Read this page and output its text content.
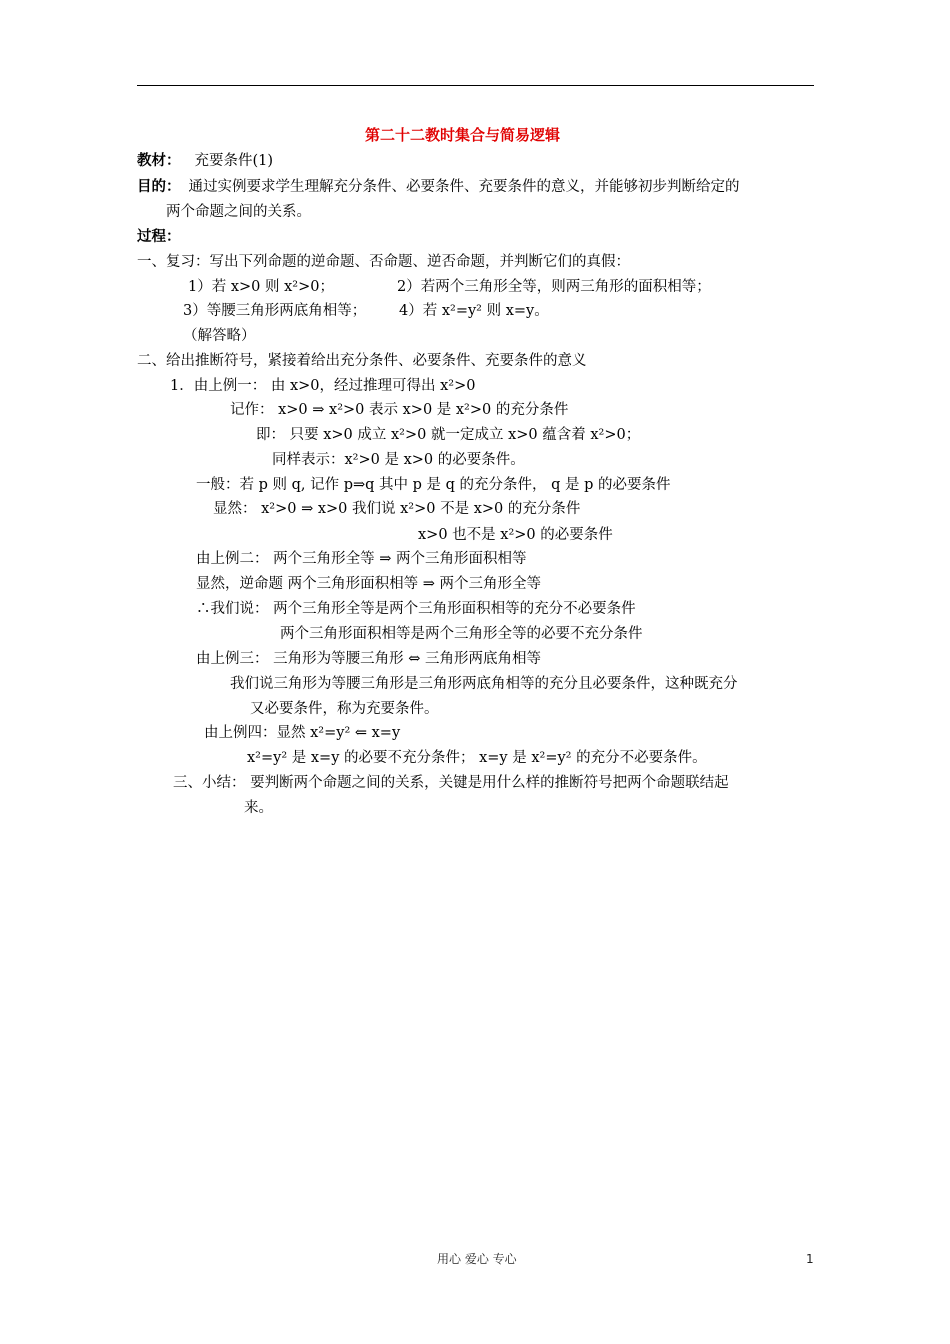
第二十二教时集合与简易逻辑
教材： 充要条件(1)
目的： 通过实例要求学生理解充分条件、必要条件、充要条件的意义，并能够初步判断给定的
两个命题之间的关系。
过程：
一、复习：写出下列命题的逆命题、否命题、逆否命题，并判断它们的真假：
1）若 x>0 则 x²>0；	2）若两个三角形全等，则两三角形的面积相等；
3）等腰三角形两底角相等； 4）若 x²=y² 则 x=y。
（解答略）
二、给出推断符号，紧接着给出充分条件、必要条件、充要条件的意义
1．由上例一： 由 x>0，经过推理可得出 x²>0
记作： x>0 ⇒ x²>0 表示 x>0 是 x²>0 的充分条件
即： 只要 x>0 成立 x²>0 就一定成立 x>0 蕴含着 x²>0；
同样表示：x²>0 是 x>0 的必要条件。
一般：若 p 则 q, 记作 p⇒q 其中 p 是 q 的充分条件， q 是 p 的必要条件
显然： x²>0 ⇒ x>0 我们说 x²>0 不是 x>0 的充分条件
x>0 也不是 x²>0 的必要条件
由上例二： 两个三角形全等 ⇒ 两个三角形面积相等
显然，逆命题 两个三角形面积相等 ⇒ 两个三角形全等
∴我们说： 两个三角形全等是两个三角形面积相等的充分不必要条件
两个三角形面积相等是两个三角形全等的必要不充分条件
由上例三： 三角形为等腰三角形 ⇔ 三角形两底角相等
我们说三角形为等腰三角形是三角形两底角相等的充分且必要条件，这种既充分
又必要条件，称为充要条件。
由上例四：显然 x²=y² ⇐ x=y
x²=y² 是 x=y 的必要不充分条件； x=y 是 x²=y² 的充分不必要条件。
三、小结： 要判断两个命题之间的关系，关键是用什么样的推断符号把两个命题联结起
来。
用心 爱心 专心	1
